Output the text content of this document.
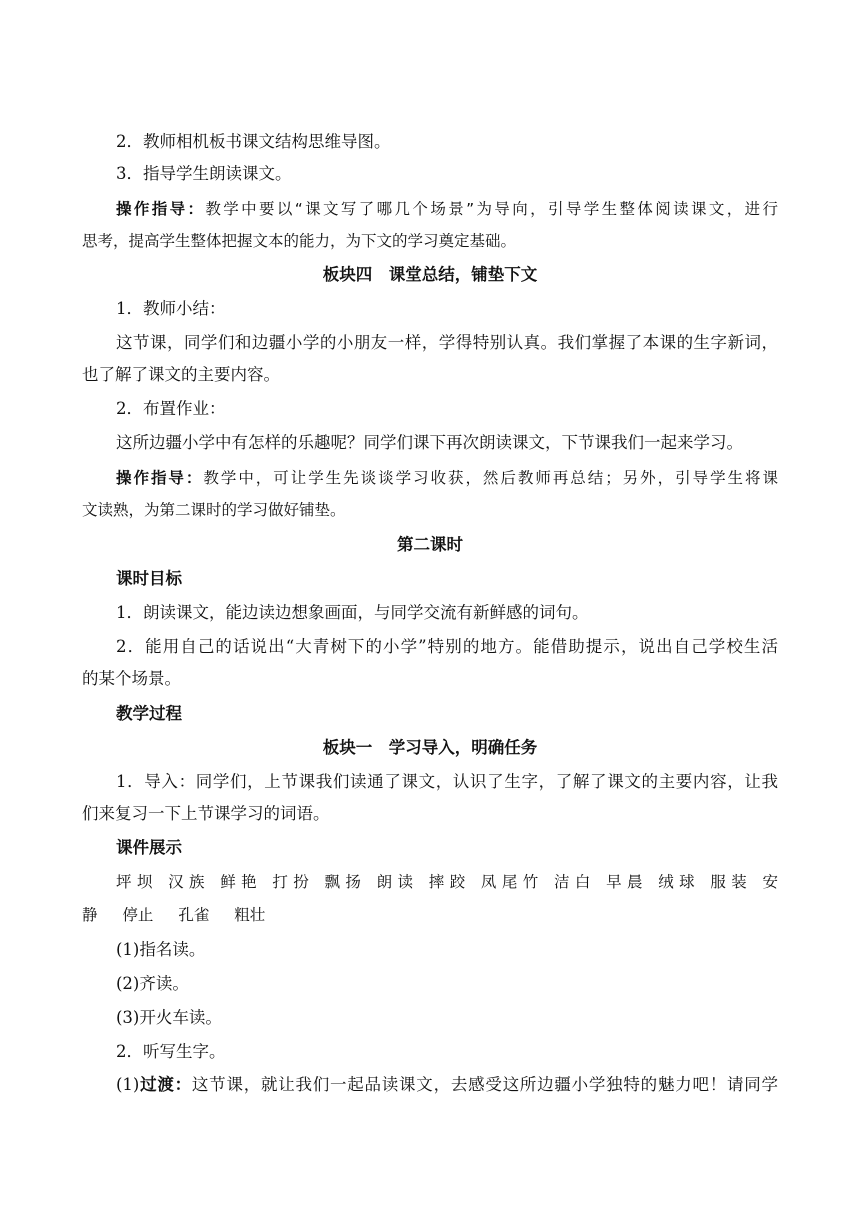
2．教师相机板书课文结构思维导图。
3．指导学生朗读课文。
操作指导：教学中要以“课文写了哪几个场景”为导向，引导学生整体阅读课文，进行
思考，提高学生整体把握文本的能力，为下文的学习奠定基础。
板块四　课堂总结，铺垫下文
1．教师小结：
这节课，同学们和边疆小学的小朋友一样，学得特别认真。我们掌握了本课的生字新词，
也了解了课文的主要内容。
2．布置作业：
这所边疆小学中有怎样的乐趣呢？同学们课下再次朗读课文，下节课我们一起来学习。
操作指导：教学中，可让学生先谈谈学习收获，然后教师再总结；另外，引导学生将课
文读熟，为第二课时的学习做好铺垫。
第二课时
课时目标
1．朗读课文，能边读边想象画面，与同学交流有新鲜感的词句。
2．能用自己的话说出“大青树下的小学”特别的地方。能借助提示，说出自己学校生活
的某个场景。
教学过程
板块一　学习导入，明确任务
1．导入：同学们，上节课我们读通了课文，认识了生字，了解了课文的主要内容，让我
们来复习一下上节课学习的词语。
课件展示
坪坝 汉族 鲜艳 打扮 飘扬 朗读 摔跤 凤尾竹 洁白 早晨 绒球 服装 安
静 停止 孔雀 粗壮
(1)指名读。
(2)齐读。
(3)开火车读。
2．听写生字。
(1)过渡：这节课，就让我们一起品读课文，去感受这所边疆小学独特的魅力吧！请同学
